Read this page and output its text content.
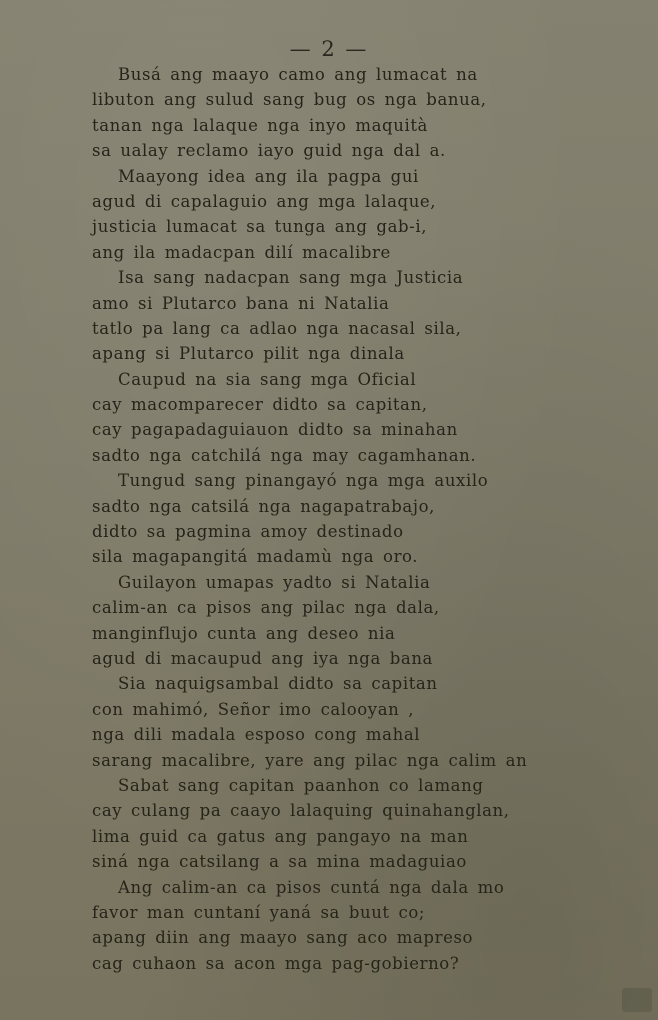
— 2 —
Busá ang maayo camo ang lumacat na
libuton ang sulud sang bug os nga banua,
tanan nga lalaque nga inyo maquità
sa ualay reclamo iayo guid nga dal a.
Maayong idea ang ila pagpa gui
agud di capalaguio ang mga lalaque,
justicia lumacat sa tunga ang gab-i,
ang ila madacpan dilí macalibre
Isa sang nadacpan sang mga Justicia
amo si Plutarco bana ni Natalia
tatlo pa lang ca adlao nga nacasal sila,
apang si Plutarco pilit nga dinala
Caupud na sia sang mga Oficial
cay macomparecer didto sa capitan,
cay pagapadaguiauon didto sa minahan
sadto nga catchilá nga may cagamhanan.
Tungud sang pinangayó nga mga auxilo
sadto nga catsilá nga nagapatrabajo,
didto sa pagmina amoy destinado
sila magapangitá madamù nga oro.
Guilayon umapas yadto si Natalia
calim-an ca pisos ang pilac nga dala,
manginflujo cunta ang deseo nia
agud di macaupud ang iya nga bana
Sia naquigsambal didto sa capitan
con mahimó, Señor imo calooyan ,
nga dili madala esposo cong mahal
sarang macalibre, yare ang pilac nga calim an
Sabat sang capitan paanhon co lamang
cay culang pa caayo lalaquing quinahanglan,
lima guid ca gatus ang pangayo na man
siná nga catsilang a sa mina madaguiao
Ang calim-an ca pisos cuntá nga dala mo
favor man cuntaní yaná sa buut co;
apang diin ang maayo sang aco mapreso
cag cuhaon sa acon mga pag-gobierno?
